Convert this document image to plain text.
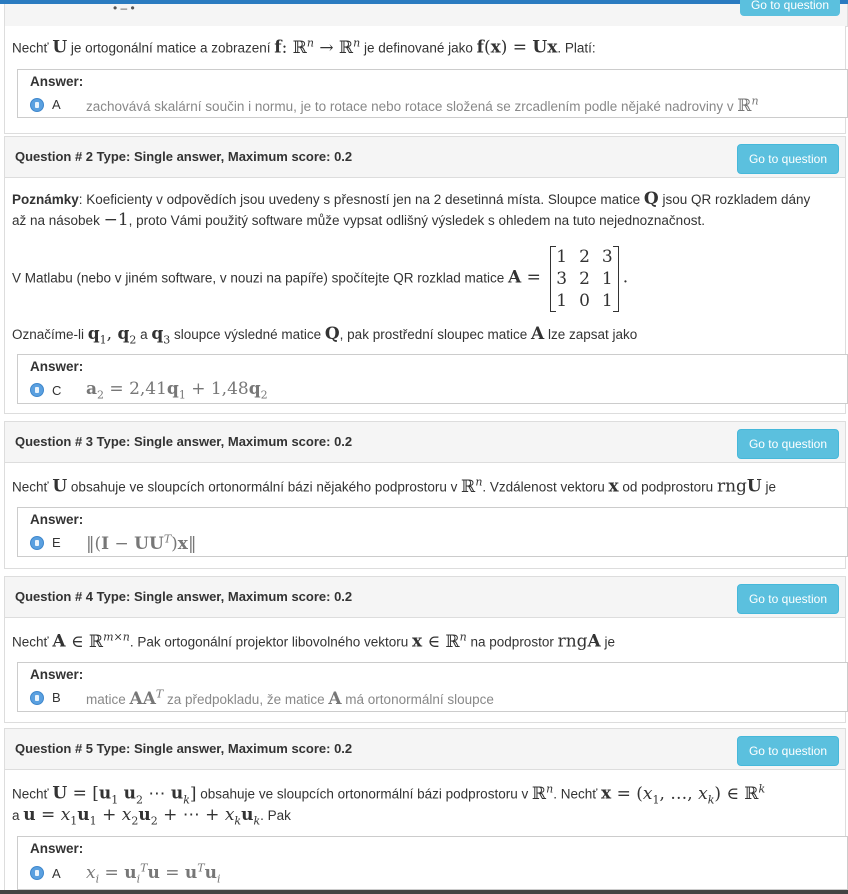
• – •	Go to question
Nechť U je ortogonální matice a zobrazení f: ℝ$^n$ → ℝ$^n$ je definované jako f(x) = Ux. Platí:
Answer:
A zachovává skalární součin i normu, je to rotace nebo rotace složená se zrcadlením podle nějaké nadroviny v ℝ$^n$
Question # 2 Type: Single answer, Maximum score: 0.2	Go to question
Poznámky: Koeficienty v odpovědích jsou uvedeny s přesností jen na 2 desetinná místa. Sloupce matice Q jsou QR rozkladem dány
až na násobek −1, proto Vámi použitý software může vypsat odlišný výsledek s ohledem na tuto nejednoznačnost.
V Matlabu (nebo v jiném software, v nouzi na papíře) spočítejte QR rozklad matice A =
1	2	3
3	2	1
1	0	1
.
Označíme-li $q_1$, $q_2$ a $q_3$ sloupce výsledné matice Q, pak prostřední sloupec matice A lze zapsat jako
Answer:
C $a_2 = 2,41q_1 + 1,48q_2$
Question # 3 Type: Single answer, Maximum score: 0.2	Go to question
Nechť U obsahuje ve sloupcích ortonormální bázi nějakého podprostoru v ℝ$^n$. Vzdálenost vektoru x od podprostoru rngU je
Answer:
E ‖(I − $UU^T)x‖$
Question # 4 Type: Single answer, Maximum score: 0.2	Go to question
Nechť A ∈ ℝ$^{m\times n}$. Pak ortogonální projektor libovolného vektoru x ∈ ℝ$^n$ na podprostor rngA je
Answer:
B matice $AA^T$ za předpokladu, že matice A má ortonormální sloupce
Question # 5 Type: Single answer, Maximum score: 0.2	Go to question
Nechť $U = [u_1$ $u_2$ ⋯ $u_k$] obsahuje ve sloupcích ortonormální bázi podprostoru v ℝ$^n$. Nechť $x = (x_1$, …, $x_k$) ∈ ℝ$^k$
a $u = x_1u_1 + x_2u_2$ + ⋯ + $x_ku_k$. Pak
Answer:
A $x_i = u_i^Tu = u^Tu_i$
